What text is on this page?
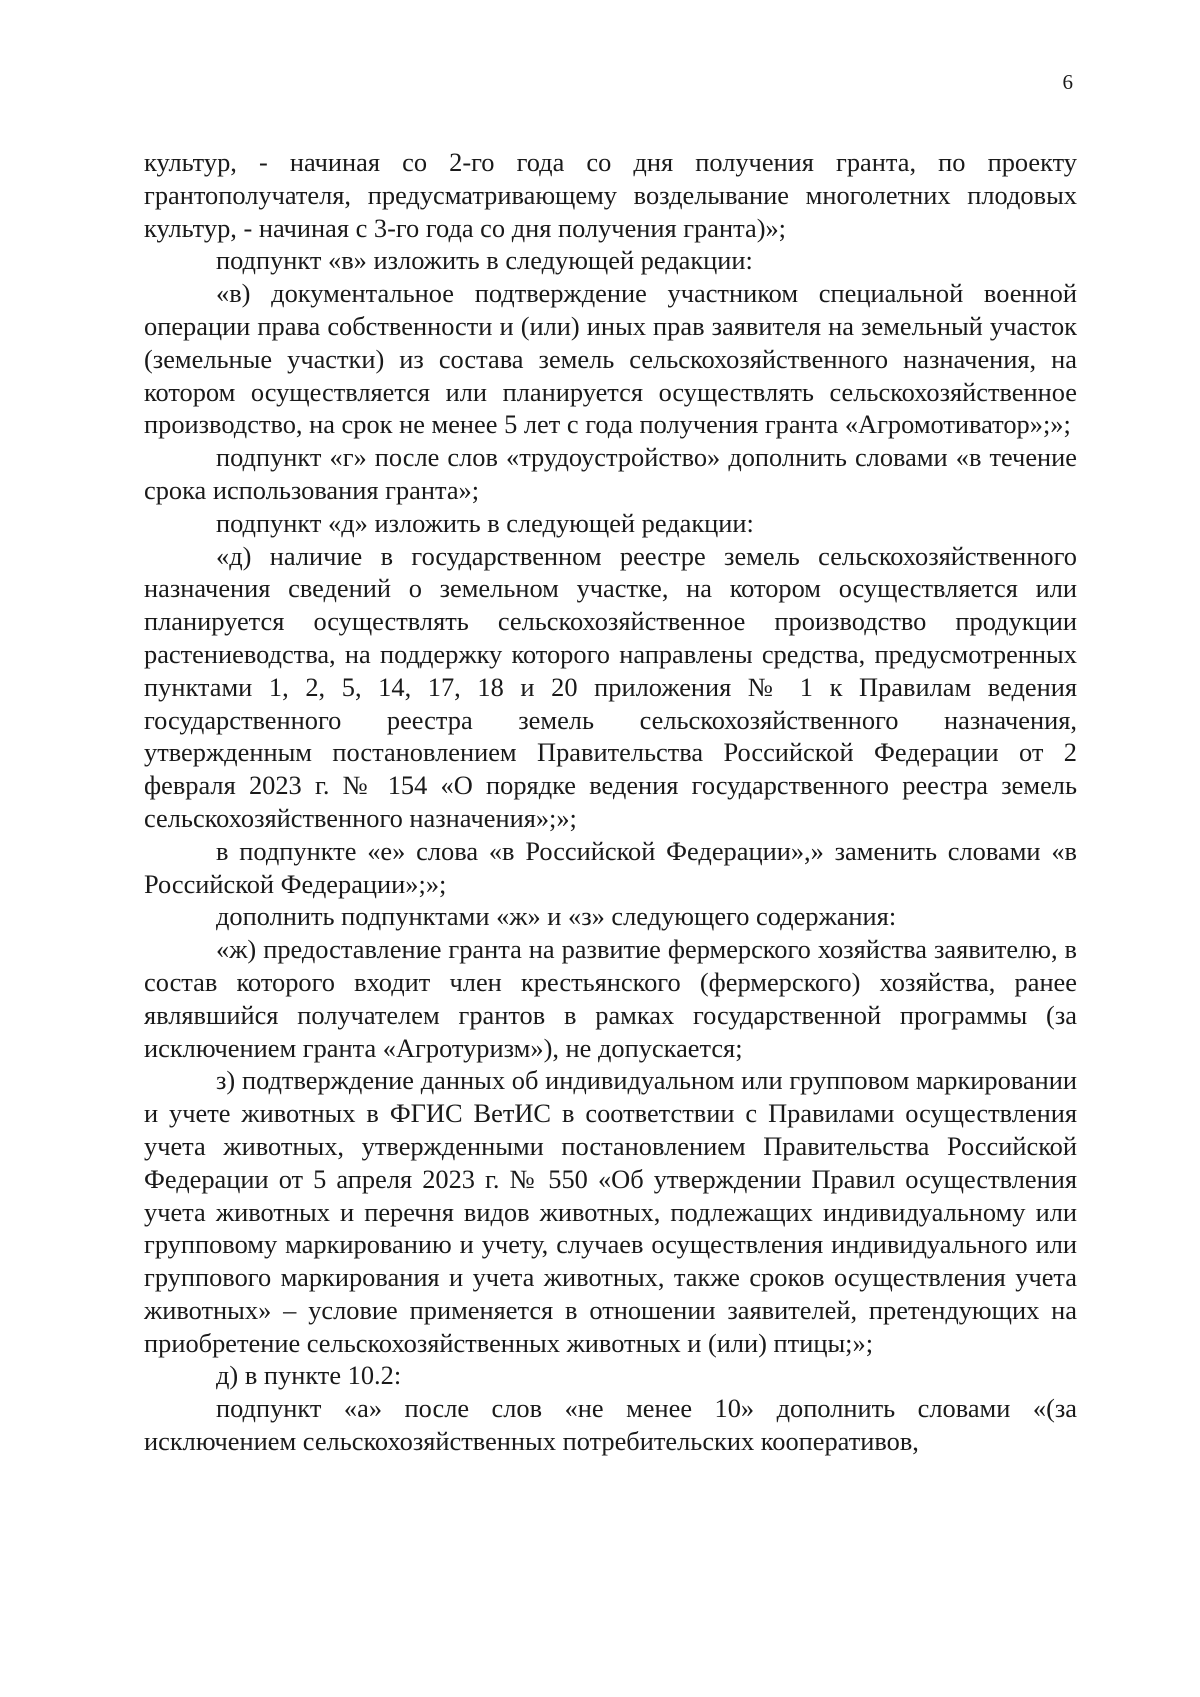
6

культур, - начиная со 2-го года со дня получения гранта, по проекту грантополучателя, предусматривающему возделывание многолетних плодовых культур, - начиная с 3-го года со дня получения гранта)»;

подпункт «в» изложить в следующей редакции:

«в) документальное подтверждение участником специальной военной операции права собственности и (или) иных прав заявителя на земельный участок (земельные участки) из состава земель сельскохозяйственного назначения, на котором осуществляется или планируется осуществлять сельскохозяйственное производство, на срок не менее 5 лет с года получения гранта «Агромотиватор»;»;

подпункт «г» после слов «трудоустройство» дополнить словами «в течение срока использования гранта»;

подпункт «д» изложить в следующей редакции:

«д) наличие в государственном реестре земель сельскохозяйственного назначения сведений о земельном участке, на котором осуществляется или планируется осуществлять сельскохозяйственное производство продукции растениеводства, на поддержку которого направлены средства, предусмотренных пунктами 1, 2, 5, 14, 17, 18 и 20 приложения № 1 к Правилам ведения государственного реестра земель сельскохозяйственного назначения, утвержденным постановлением Правительства Российской Федерации от 2 февраля 2023 г. № 154 «О порядке ведения государственного реестра земель сельскохозяйственного назначения»;»;

в подпункте «е» слова «в Российской Федерации»,» заменить словами «в Российской Федерации»;»;

дополнить подпунктами «ж» и «з» следующего содержания:

«ж) предоставление гранта на развитие фермерского хозяйства заявителю, в состав которого входит член крестьянского (фермерского) хозяйства, ранее являвшийся получателем грантов в рамках государственной программы (за исключением гранта «Агротуризм»), не допускается;

з) подтверждение данных об индивидуальном или групповом маркировании и учете животных в ФГИС ВетИС в соответствии с Правилами осуществления учета животных, утвержденными постановлением Правительства Российской Федерации от 5 апреля 2023 г. № 550 «Об утверждении Правил осуществления учета животных и перечня видов животных, подлежащих индивидуальному или групповому маркированию и учету, случаев осуществления индивидуального или группового маркирования и учета животных, также сроков осуществления учета животных» – условие применяется в отношении заявителей, претендующих на приобретение сельскохозяйственных животных и (или) птицы;»;

д) в пункте 10.2:

подпункт «а» после слов «не менее 10» дополнить словами «(за исключением сельскохозяйственных потребительских кооперативов,
